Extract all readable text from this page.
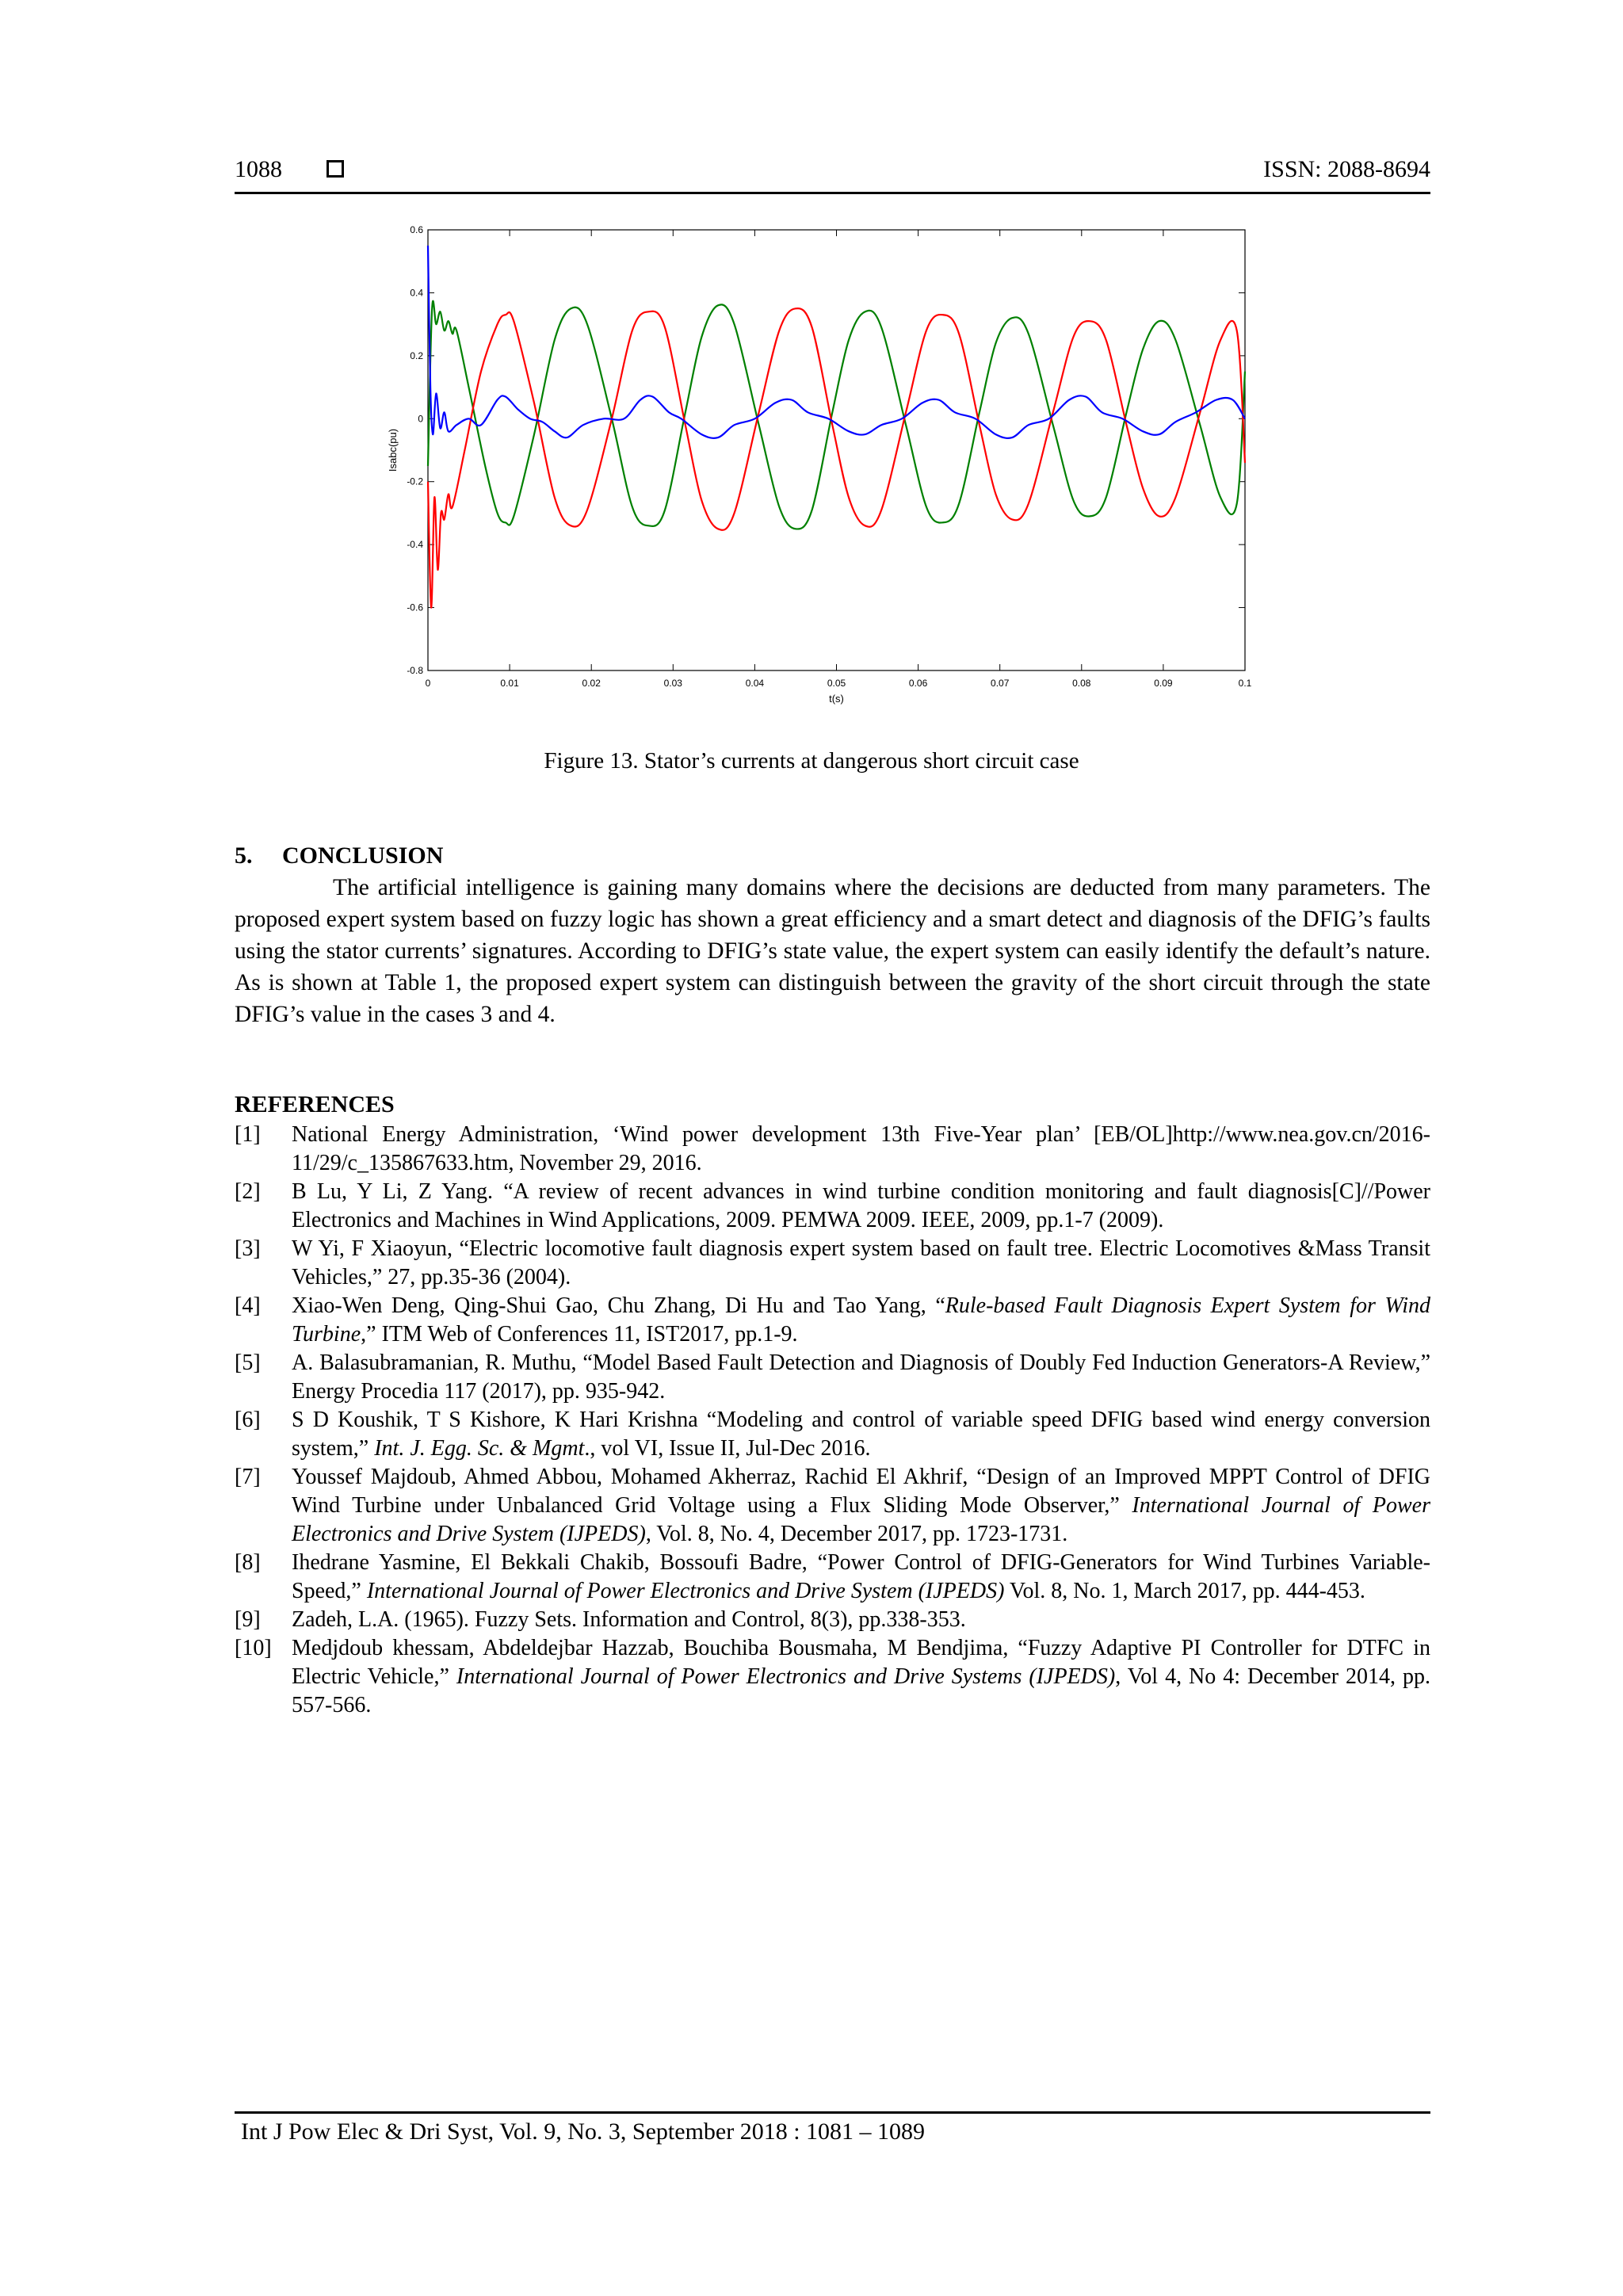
1088	ISSN: 2088-8694
0	0.01	0.02	0.03	0.04	0.05	0.06	0.07	0.08	0.09	0.1
0.6
0.4
0.2
0
-0.2
-0.4
-0.6
-0.8
t(s)
Isabc(pu)
Figure 13. Stator’s currents at dangerous short circuit case
5.	CONCLUSION

The artificial intelligence is gaining many domains where the decisions are deducted from many parameters. The proposed expert system based on fuzzy logic has shown a great efficiency and a smart detect and diagnosis of the DFIG’s faults using the stator currents’ signatures. According to DFIG’s state value, the expert system can easily identify the default’s nature. As is shown at Table 1, the proposed expert system can distinguish between the gravity of the short circuit through the state DFIG’s value in the cases 3 and 4.

REFERENCES
[1] National Energy Administration, ‘Wind power development 13th Five-Year plan’ [EB/OL]http://www.nea.gov.cn/2016-11/29/c_135867633.htm, November 29, 2016.
[2] B Lu, Y Li, Z Yang. “A review of recent advances in wind turbine condition monitoring and fault diagnosis[C]//Power Electronics and Machines in Wind Applications, 2009. PEMWA 2009. IEEE, 2009, pp.1-7 (2009).
[3] W Yi, F Xiaoyun, “Electric locomotive fault diagnosis expert system based on fault tree. Electric Locomotives &Mass Transit Vehicles,” 27, pp.35-36 (2004).
[4] Xiao-Wen Deng, Qing-Shui Gao, Chu Zhang, Di Hu and Tao Yang, “Rule-based Fault Diagnosis Expert System for Wind Turbine,” ITM Web of Conferences 11, IST2017, pp.1-9.
[5] A. Balasubramanian, R. Muthu, “Model Based Fault Detection and Diagnosis of Doubly Fed Induction Generators-A Review,” Energy Procedia 117 (2017), pp. 935-942.
[6] S D Koushik, T S Kishore, K Hari Krishna “Modeling and control of variable speed DFIG based wind energy conversion system,” Int. J. Egg. Sc. & Mgmt., vol VI, Issue II, Jul-Dec 2016.
[7] Youssef Majdoub, Ahmed Abbou, Mohamed Akherraz, Rachid El Akhrif, “Design of an Improved MPPT Control of DFIG Wind Turbine under Unbalanced Grid Voltage using a Flux Sliding Mode Observer,” International Journal of Power Electronics and Drive System (IJPEDS), Vol. 8, No. 4, December 2017, pp. 1723-1731.
[8] Ihedrane Yasmine, El Bekkali Chakib, Bossoufi Badre, “Power Control of DFIG-Generators for Wind Turbines Variable-Speed,” International Journal of Power Electronics and Drive System (IJPEDS) Vol. 8, No. 1, March 2017, pp. 444-453.
[9] Zadeh, L.A. (1965). Fuzzy Sets. Information and Control, 8(3), pp.338-353.
[10] Medjdoub khessam, Abdeldejbar Hazzab, Bouchiba Bousmaha, M Bendjima, “Fuzzy Adaptive PI Controller for DTFC in Electric Vehicle,” International Journal of Power Electronics and Drive Systems (IJPEDS), Vol 4, No 4: December 2014, pp. 557-566.
Int J Pow Elec & Dri Syst, Vol. 9, No. 3, September 2018 : 1081 – 1089
